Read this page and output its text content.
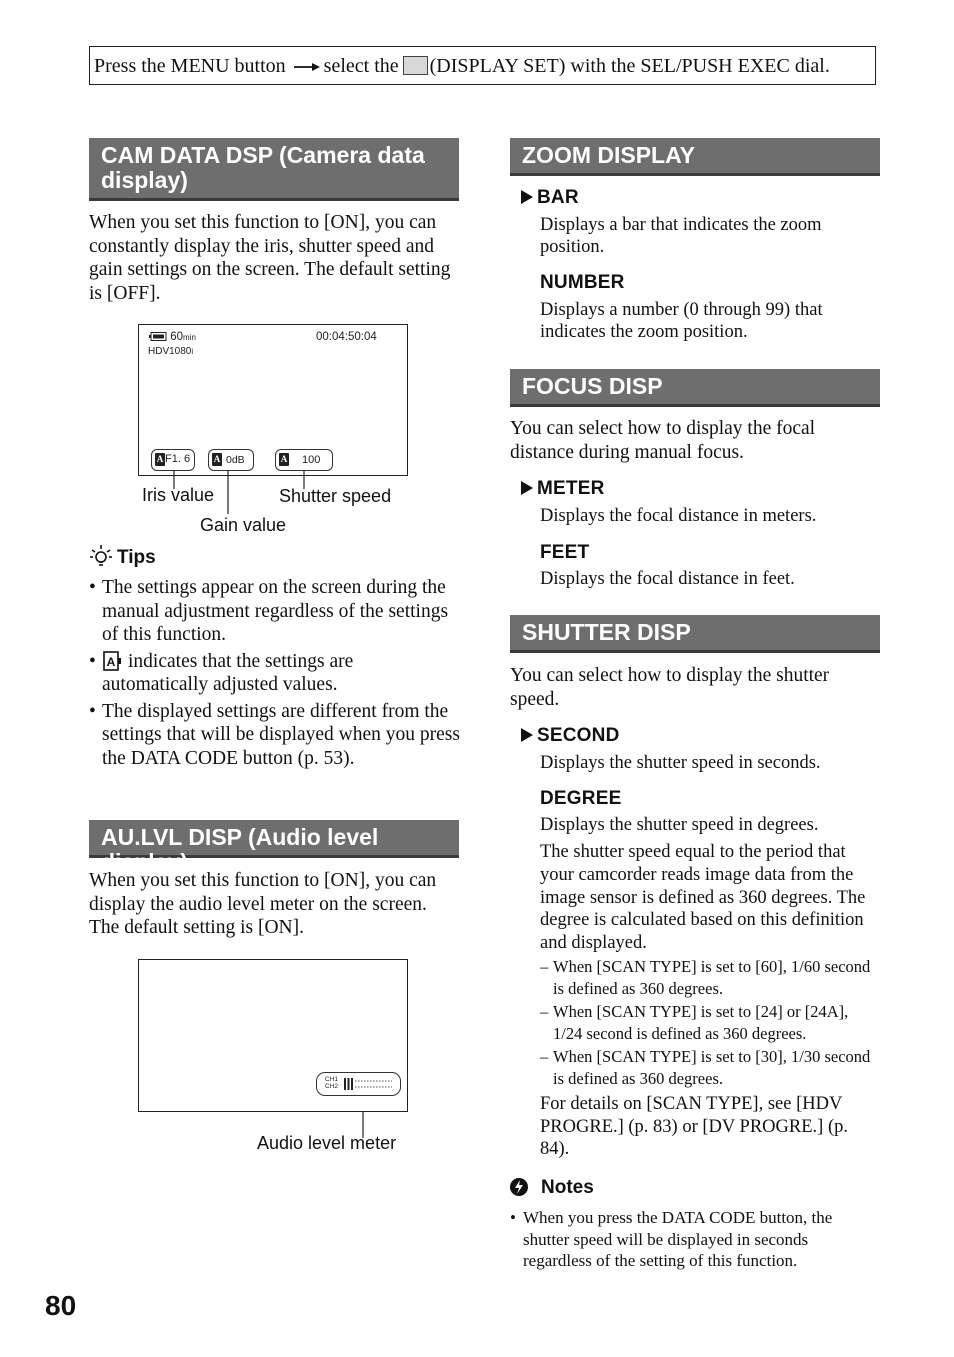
Press the MENU button select the (DISPLAY SET) with the SEL/PUSH EXEC dial.
CAM DATA DSP (Camera data display)
When you set this function to [ON], you can constantly display the iris, shutter speed and gain settings on the screen. The default setting is [OFF].
60min	00:04:50:04
HDV1080i
A F1. 6	A 0dB	A 100
Iris value	Shutter speed
Gain value
Tips
• The settings appear on the screen during the manual adjustment regardless of the settings of this function.
• A indicates that the settings are automatically adjusted values.
• The displayed settings are different from the settings that will be displayed when you press the DATA CODE button (p. 53).
AU.LVL DISP (Audio level display)
When you set this function to [ON], you can display the audio level meter on the screen. The default setting is [ON].
CH1
CH2
Audio level meter
80
ZOOM DISPLAY
BAR
Displays a bar that indicates the zoom position.
NUMBER
Displays a number (0 through 99) that indicates the zoom position.
FOCUS DISP
You can select how to display the focal distance during manual focus.
METER
Displays the focal distance in meters.
FEET
Displays the focal distance in feet.
SHUTTER DISP
You can select how to display the shutter speed.
SECOND
Displays the shutter speed in seconds.
DEGREE
Displays the shutter speed in degrees.
The shutter speed equal to the period that your camcorder reads image data from the image sensor is defined as 360 degrees. The degree is calculated based on this definition and displayed.
– When [SCAN TYPE] is set to [60], 1/60 second is defined as 360 degrees.
– When [SCAN TYPE] is set to [24] or [24A], 1/24 second is defined as 360 degrees.
– When [SCAN TYPE] is set to [30], 1/30 second is defined as 360 degrees.
For details on [SCAN TYPE], see [HDV PROGRE.] (p. 83) or [DV PROGRE.] (p. 84).
Notes
• When you press the DATA CODE button, the shutter speed will be displayed in seconds regardless of the setting of this function.
